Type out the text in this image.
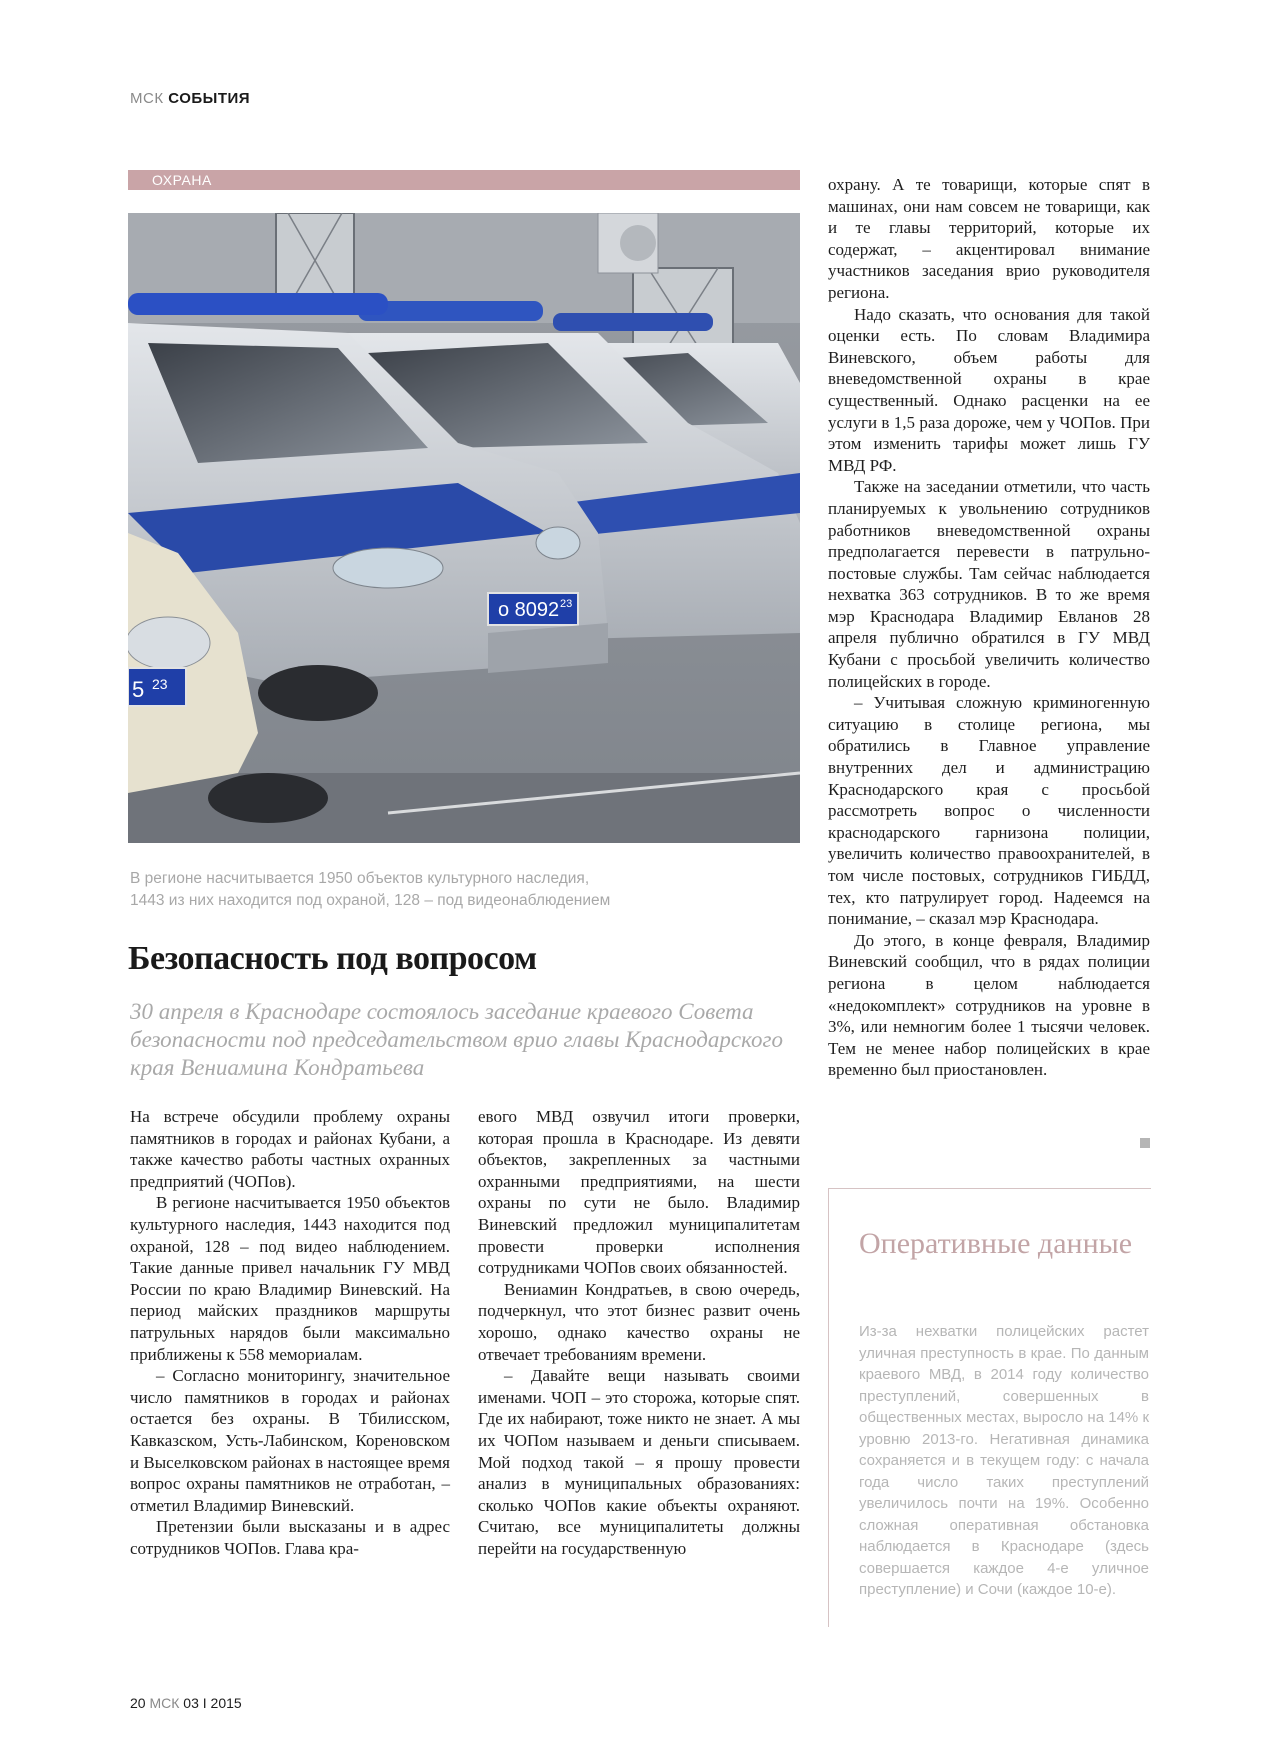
МСК СОБЫТИЯ
ОХРАНА
о 8092 23
5 23
В регионе насчитывается 1950 объектов культурного наследия,
1443 из них находится под охраной, 128 – под видеонаблюдением
Безопасность под вопросом
30 апреля в Краснодаре состоялось заседание краевого Совета безопасности под председательством врио главы Краснодарского края Вениамина Кондратьева

На встрече обсудили проблему охраны памятников в городах и районах Кубани, а также качество работы частных охранных предприятий (ЧОПов).

В регионе насчитывается 1950 объектов культурного наследия, 1443 находится под охраной, 128 – под видео наблюдением. Такие данные привел начальник ГУ МВД России по краю Владимир Виневский. На период майских праздников маршруты патрульных нарядов были максимально приближены к 558 мемориалам.

– Согласно мониторингу, значительное число памятников в городах и районах остается без охраны. В Тбилисском, Кавказском, Усть-Лабинском, Кореновском и Выселковском районах в настоящее время вопрос охраны памятников не отработан, – отметил Владимир Виневский.

Претензии были высказаны и в адрес сотрудников ЧОПов. Глава кра-

евого МВД озвучил итоги проверки, которая прошла в Краснодаре. Из девяти объектов, закрепленных за частными охранными предприятиями, на шести охраны по сути не было. Владимир Виневский предложил муниципалитетам провести проверки исполнения сотрудниками ЧОПов своих обязанностей.

Вениамин Кондратьев, в свою очередь, подчеркнул, что этот бизнес развит очень хорошо, однако качество охраны не отвечает требованиям времени.

– Давайте вещи называть своими именами. ЧОП – это сторожа, которые спят. Где их набирают, тоже никто не знает. А мы их ЧОПом называем и деньги списываем. Мой подход такой – я прошу провести анализ в муниципальных образованиях: сколько ЧОПов какие объекты охраняют. Считаю, все муниципалитеты должны перейти на государственную

охрану. А те товарищи, которые спят в машинах, они нам совсем не товарищи, как и те главы территорий, которые их содержат, – акцентировал внимание участников заседания врио руководителя региона.

Надо сказать, что основания для такой оценки есть. По словам Владимира Виневского, объем работы для вневедомственной охраны в крае существенный. Однако расценки на ее услуги в 1,5 раза дороже, чем у ЧОПов. При этом изменить тарифы может лишь ГУ МВД РФ.

Также на заседании отметили, что часть планируемых к увольнению сотрудников работников вневедомственной охраны предполагается перевести в патрульно-постовые службы. Там сейчас наблюдается нехватка 363 сотрудников. В то же время мэр Краснодара Владимир Евланов 28 апреля публично обратился в ГУ МВД Кубани с просьбой увеличить количество полицейских в городе.

– Учитывая сложную криминогенную ситуацию в столице региона, мы обратились в Главное управление внутренних дел и администрацию Краснодарского края с просьбой рассмотреть вопрос о численности краснодарского гарнизона полиции, увеличить количество правоохранителей, в том числе постовых, сотрудников ГИБДД, тех, кто патрулирует город. Надеемся на понимание, – сказал мэр Краснодара.

До этого, в конце февраля, Владимир Виневский сообщил, что в рядах полиции региона в целом наблюдается «недокомплект» сотрудников на уровне в 3%, или немногим более 1 тысячи человек. Тем не менее набор полицейских в крае временно был приостановлен.

Оперативные данные
Из-за нехватки полицейских растет уличная преступность в крае. По данным краевого МВД, в 2014 году количество преступлений, совершенных в общественных местах, выросло на 14% к уровню 2013-го. Негативная динамика сохраняется и в текущем году: с начала года число таких преступлений увеличилось почти на 19%. Особенно сложная оперативная обстановка наблюдается в Краснодаре (здесь совершается каждое 4-е уличное преступление) и Сочи (каждое 10-е).
20 МСК 03 I 2015
